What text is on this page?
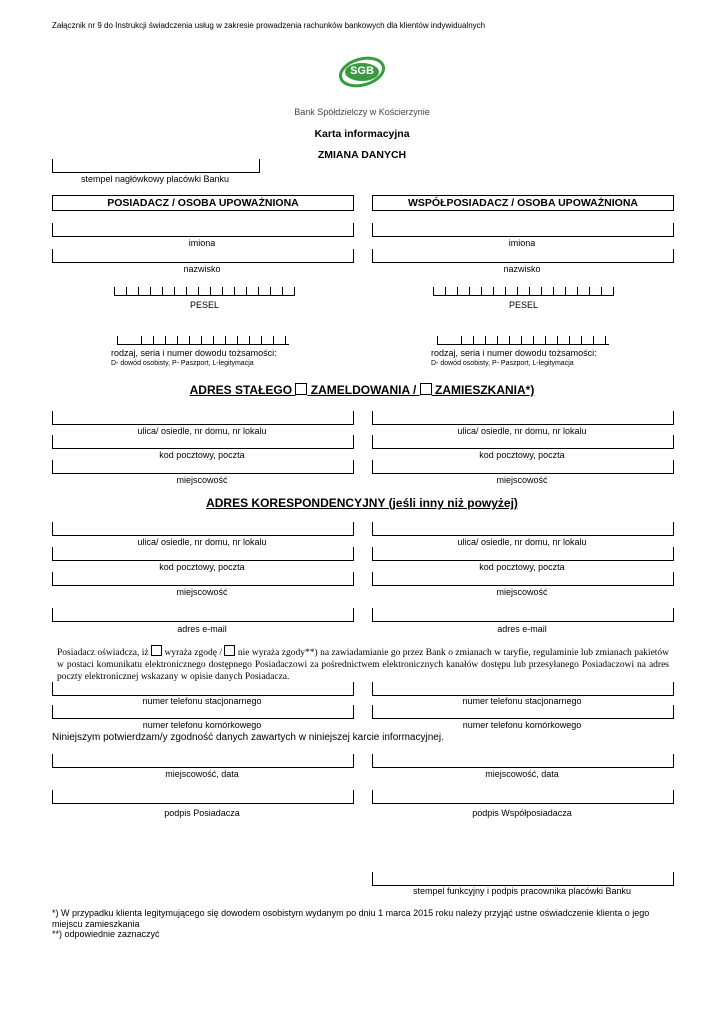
Załącznik nr 9 do Instrukcji świadczenia usług w zakresie prowadzenia rachunków bankowych dla klientów indywidualnych
SGB
Bank Spółdzielczy w Kościerzynie
Karta informacyjna
ZMIANA DANYCH
stempel nagłówkowy placówki Banku
POSIADACZ / OSOBA UPOWAŻNIONA	WSPÓŁPOSIADACZ / OSOBA UPOWAŻNIONA
imiona
nazwisko
imiona
nazwisko
PESEL	PESEL
rodzaj, seria i numer dowodu tożsamości:
D- dowód osobisty, P- Paszport, L-legitymacja
rodzaj, seria i numer dowodu tożsamości:
D- dowód osobisty, P- Paszport, L-legitymacja
ADRES STAŁEGO ZAMELDOWANIA / ZAMIESZKANIA*)
ulica/ osiedle, nr domu, nr lokalu
kod pocztowy, poczta
miejscowość
ulica/ osiedle, nr domu, nr lokalu
kod pocztowy, poczta
miejscowość
ADRES KORESPONDENCYJNY (jeśli inny niż powyżej)
ulica/ osiedle, nr domu, nr lokalu
kod pocztowy, poczta
miejscowość
adres e-mail
ulica/ osiedle, nr domu, nr lokalu
kod pocztowy, poczta
miejscowość
adres e-mail
Posiadacz oświadcza, iż wyraża zgodę / nie wyraża zgody**) na zawiadamianie go przez Bank o zmianach w taryfie, regulaminie lub zmianach pakietów w postaci komunikatu elektronicznego dostępnego Posiadaczowi za pośrednictwem elektronicznych kanałów dostępu lub przesyłanego Posiadaczowi na adres poczty elektronicznej wskazany w opisie danych Posiadacza.
numer telefonu stacjonarnego
numer telefonu komórkowego
numer telefonu stacjonarnego
numer telefonu komórkowego
Niniejszym potwierdzam/y zgodność danych zawartych w niniejszej karcie informacyjnej.
miejscowość, data	miejscowość, data
podpis Posiadacza	podpis Współposiadacza
stempel funkcyjny i podpis pracownika placówki Banku
*) W przypadku klienta legitymującego się dowodem osobistym wydanym po dniu 1 marca 2015 roku należy przyjąć ustne oświadczenie klienta o jego miejscu zamieszkania
**) odpowiednie zaznaczyć
